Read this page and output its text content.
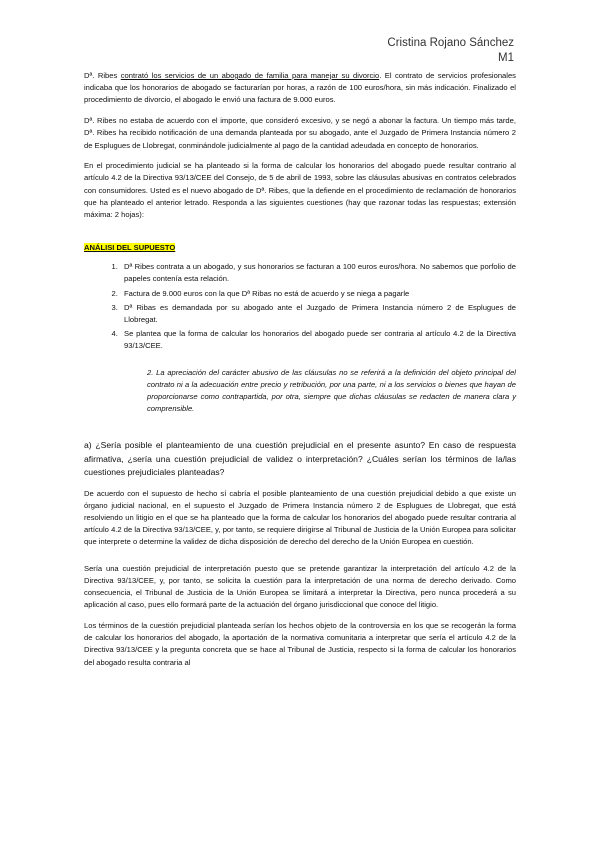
Cristina Rojano Sánchez
M1

Dª. Ribes contrató los servicios de un abogado de familia para manejar su divorcio. El contrato de servicios profesionales indicaba que los honorarios de abogado se facturarían por horas, a razón de 100 euros/hora, sin más indicación. Finalizado el procedimiento de divorcio, el abogado le envió una factura de 9.000 euros.

Dª. Ribes no estaba de acuerdo con el importe, que consideró excesivo, y se negó a abonar la factura. Un tiempo más tarde, Dª. Ribes ha recibido notificación de una demanda planteada por su abogado, ante el Juzgado de Primera Instancia número 2 de Esplugues de Llobregat, conminándole judicialmente al pago de la cantidad adeudada en concepto de honorarios.

En el procedimiento judicial se ha planteado si la forma de calcular los honorarios del abogado puede resultar contrario al artículo 4.2 de la Directiva 93/13/CEE del Consejo, de 5 de abril de 1993, sobre las cláusulas abusivas en contratos celebrados con consumidores. Usted es el nuevo abogado de Dª. Ribes, que la defiende en el procedimiento de reclamación de honorarios que ha planteado el anterior letrado. Responda a las siguientes cuestiones (hay que razonar todas las respuestas; extensión máxima: 2 hojas):

ANÁLISI DEL SUPUESTO
1. Dª Ribes contrata a un abogado, y sus honorarios se facturan a 100 euros euros/hora. No sabemos que porfolio de papeles contenía esta relación.
2. Factura de 9.000 euros con la que Dª Ribas no está de acuerdo y se niega a pagarle
3. Dª Ribas es demandada por su abogado ante el Juzgado de Primera Instancia número 2 de Esplugues de Llobregat.
4. Se plantea que la forma de calcular los honorarios del abogado puede ser contraria al artículo 4.2 de la Directiva 93/13/CEE.

2. La apreciación del carácter abusivo de las cláusulas no se referirá a la definición del objeto principal del contrato ni a la adecuación entre precio y retribución, por una parte, ni a los servicios o bienes que hayan de proporcionarse como contrapartida, por otra, siempre que dichas cláusulas se redacten de manera clara y comprensible.

a) ¿Sería posible el planteamiento de una cuestión prejudicial en el presente asunto? En caso de respuesta afirmativa, ¿sería una cuestión prejudicial de validez o interpretación? ¿Cuáles serían los términos de la/las cuestiones prejudiciales planteadas?

De acuerdo con el supuesto de hecho sí cabría el posible planteamiento de una cuestión prejudicial debido a que existe un órgano judicial nacional, en el supuesto el Juzgado de Primera Instancia número 2 de Esplugues de Llobregat, que está resolviendo un litigio en el que se ha planteado que la forma de calcular los honorarios del abogado puede resultar contraria al artículo 4.2 de la Directiva 93/13/CEE, y, por tanto, se requiere dirigirse al Tribunal de Justicia de la Unión Europea para solicitar que interprete o determine la validez de dicha disposición de derecho del derecho de la Unión Europea en cuestión.

Sería una cuestión prejudicial de interpretación puesto que se pretende garantizar la interpretación del artículo 4.2 de la Directiva 93/13/CEE, y, por tanto, se solicita la cuestión para la interpretación de una norma de derecho derivado. Como consecuencia, el Tribunal de Justicia de la Unión Europea se limitará a interpretar la Directiva, pero nunca procederá a su aplicación al caso, pues ello formará parte de la actuación del órgano jurisdiccional que conoce del litigio.

Los términos de la cuestión prejudicial planteada serían los hechos objeto de la controversia en los que se recogerán la forma de calcular los honorarios del abogado, la aportación de la normativa comunitaria a interpretar que sería el artículo 4.2 de la Directiva 93/13/CEE y la pregunta concreta que se hace al Tribunal de Justicia, respecto si la forma de calcular los honorarios del abogado resulta contraria al
